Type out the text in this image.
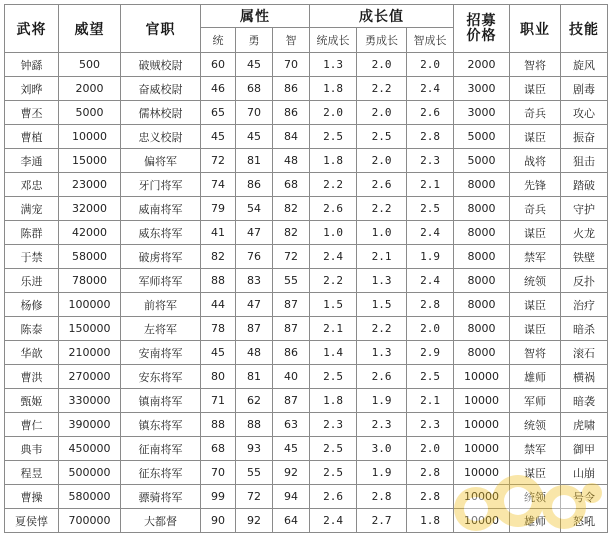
武将	威望	官职	属性			成长值			招募价格	职业	技能
			统	勇	智	统成长	勇成长	智成长			
钟繇	500	破贼校尉	60	45	70	1.3	2.0	2.0	2000	智将	旋风
刘晔	2000	奋威校尉	46	68	86	1.8	2.2	2.4	3000	谋臣	剧毒
曹丕	5000	儒林校尉	65	70	86	2.0	2.0	2.6	3000	奇兵	攻心
曹植	10000	忠义校尉	45	45	84	2.5	2.5	2.8	5000	谋臣	振奋
李通	15000	偏将军	72	81	48	1.8	2.0	2.3	5000	战将	狙击
邓忠	23000	牙门将军	74	86	68	2.2	2.6	2.1	8000	先锋	踏破
满宠	32000	威南将军	79	54	82	2.6	2.2	2.5	8000	奇兵	守护
陈群	42000	威东将军	41	47	82	1.0	1.0	2.4	8000	谋臣	火龙
于禁	58000	破虏将军	82	76	72	2.4	2.1	1.9	8000	禁军	铁壁
乐进	78000	军师将军	88	83	55	2.2	1.3	2.4	8000	统领	反扑
杨修	100000	前将军	44	47	87	1.5	1.5	2.8	8000	谋臣	治疗
陈泰	150000	左将军	78	87	87	2.1	2.2	2.0	8000	谋臣	暗杀
华歆	210000	安南将军	45	48	86	1.4	1.3	2.9	8000	智将	滚石
曹洪	270000	安东将军	80	81	40	2.5	2.6	2.5	10000	雄师	横祸
甄姬	330000	镇南将军	71	62	87	1.8	1.9	2.1	10000	军师	暗袭
曹仁	390000	镇东将军	88	88	63	2.3	2.3	2.3	10000	统领	虎啸
典韦	450000	征南将军	68	93	45	2.5	3.0	2.0	10000	禁军	御甲
程昱	500000	征东将军	70	55	92	2.5	1.9	2.8	10000	谋臣	山崩
曹操	580000	骠骑将军	99	72	94	2.6	2.8	2.8	10000	统领	号令
夏侯惇	700000	大都督	90	92	64	2.4	2.7	1.8	10000	雄师	怒吼
